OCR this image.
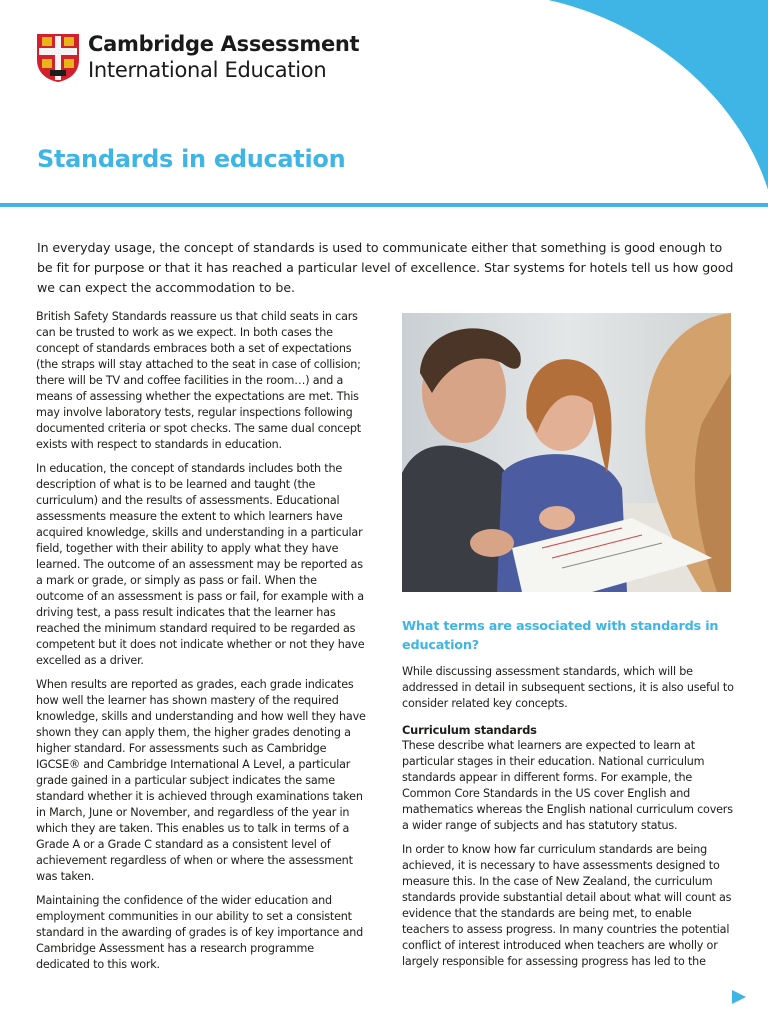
Cambridge Assessment
International Education
Standards in education

In everyday usage, the concept of standards is used to communicate either that something is good enough to be fit for purpose or that it has reached a particular level of excellence. Star systems for hotels tell us how good we can expect the accommodation to be.

British Safety Standards reassure us that child seats in cars can be trusted to work as we expect. In both cases the concept of standards embraces both a set of expectations (the straps will stay attached to the seat in case of collision; there will be TV and coffee facilities in the room…) and a means of assessing whether the expectations are met. This may involve laboratory tests, regular inspections following documented criteria or spot checks. The same dual concept exists with respect to standards in education.

In education, the concept of standards includes both the description of what is to be learned and taught (the curriculum) and the results of assessments. Educational assessments measure the extent to which learners have acquired knowledge, skills and understanding in a particular field, together with their ability to apply what they have learned. The outcome of an assessment may be reported as a mark or grade, or simply as pass or fail. When the outcome of an assessment is pass or fail, for example with a driving test, a pass result indicates that the learner has reached the minimum standard required to be regarded as competent but it does not indicate whether or not they have excelled as a driver.

When results are reported as grades, each grade indicates how well the learner has shown mastery of the required knowledge, skills and understanding and how well they have shown they can apply them, the higher grades denoting a higher standard. For assessments such as Cambridge IGCSE® and Cambridge International A Level, a particular grade gained in a particular subject indicates the same standard whether it is achieved through examinations taken in March, June or November, and regardless of the year in which they are taken. This enables us to talk in terms of a Grade A or a Grade C standard as a consistent level of achievement regardless of when or where the assessment was taken.

Maintaining the confidence of the wider education and employment communities in our ability to set a consistent standard in the awarding of grades is of key importance and Cambridge Assessment has a research programme dedicated to this work.

What terms are associated with standards in education?

While discussing assessment standards, which will be addressed in detail in subsequent sections, it is also useful to consider related key concepts.

Curriculum standards

These describe what learners are expected to learn at particular stages in their education. National curriculum standards appear in different forms. For example, the Common Core Standards in the US cover English and mathematics whereas the English national curriculum covers a wider range of subjects and has statutory status.

In order to know how far curriculum standards are being achieved, it is necessary to have assessments designed to measure this. In the case of New Zealand, the curriculum standards provide substantial detail about what will count as evidence that the standards are being met, to enable teachers to assess progress. In many countries the potential conflict of interest introduced when teachers are wholly or largely responsible for assessing progress has led to the
